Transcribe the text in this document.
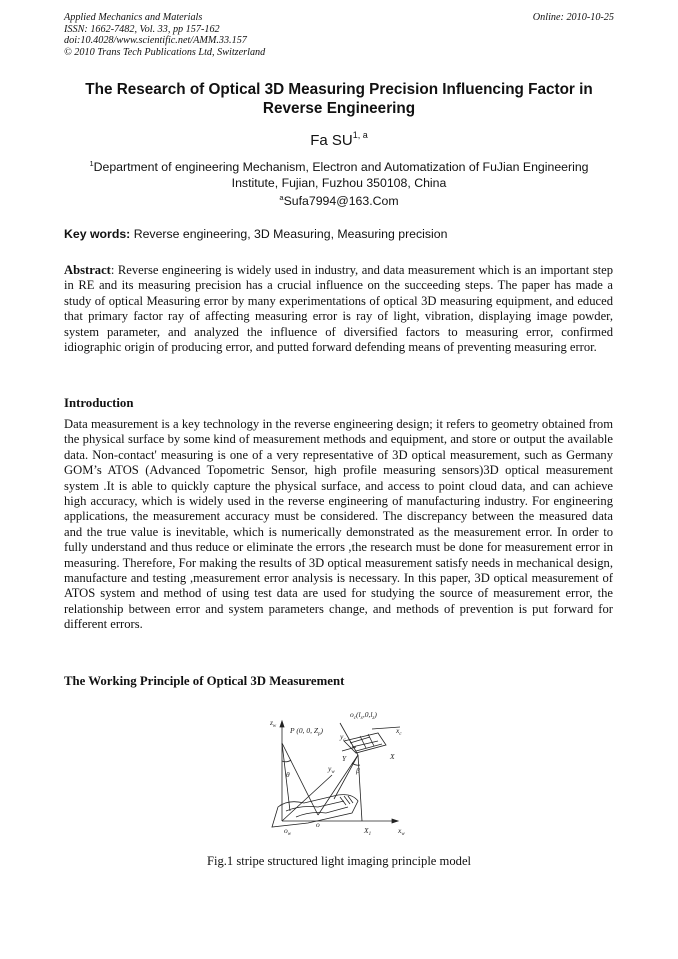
Applied Mechanics and Materials
ISSN: 1662-7482, Vol. 33, pp 157-162
doi:10.4028/www.scientific.net/AMM.33.157
© 2010 Trans Tech Publications Ltd, Switzerland
Online: 2010-10-25
The Research of Optical 3D Measuring Precision Influencing Factor in Reverse Engineering
Fa SU$^{1, a}$
$^1$Department of engineering Mechanism, Electron and Automatization of FuJian Engineering Institute, Fujian, Fuzhou 350108, China
$^a$Sufa7994@163.Com
Key words: Reverse engineering, 3D Measuring, Measuring precision
Abstract: Reverse engineering is widely used in industry, and data measurement which is an important step in RE and its measuring precision has a crucial influence on the succeeding steps. The paper has made a study of optical Measuring error by many experimentations of optical 3D measuring equipment, and educed that primary factor ray of affecting measuring error is ray of light, vibration, displaying image powder, system parameter, and analyzed the influence of diversified factors to measuring error, confirmed idiographic origin of producing error, and putted forward defending means of preventing measuring error.
Introduction
Data measurement is a key technology in the reverse engineering design; it refers to geometry obtained from the physical surface by some kind of measurement methods and equipment, and store or output the available data. Non-contact' measuring is one of a very representative of 3D optical measurement, such as Germany GOM’s ATOS (Advanced Topometric Sensor, high profile measuring sensors)3D optical measurement system .It is able to quickly capture the physical surface, and access to point cloud data, and can achieve high accuracy, which is widely used in the reverse engineering of manufacturing industry. For engineering applications, the measurement accuracy must be considered. The discrepancy between the measured data and the true value is inevitable, which is numerically demonstrated as the measurement error. In order to fully understand and thus reduce or eliminate the errors ,the research must be done for measurement error in measuring. Therefore, For making the results of 3D optical measurement satisfy needs in mechanical design, manufacture and testing ,measurement error analysis is necessary. In this paper, 3D optical measurement of ATOS system and method of using test data are used for studying the source of measurement error, the relationship between error and system parameters change, and methods of prevention is put forward for different errors.
The Working Principle of Optical 3D Measurement
$z_w$ P (0, 0, $Z_p$)
$o_c(l_x,0,l_z)$
$x_c$
$y_c$
Y	X
$y_w$
θ	β
$o_w$
o
$X_1$	$x_w$
Fig.1 stripe structured light imaging principle model
